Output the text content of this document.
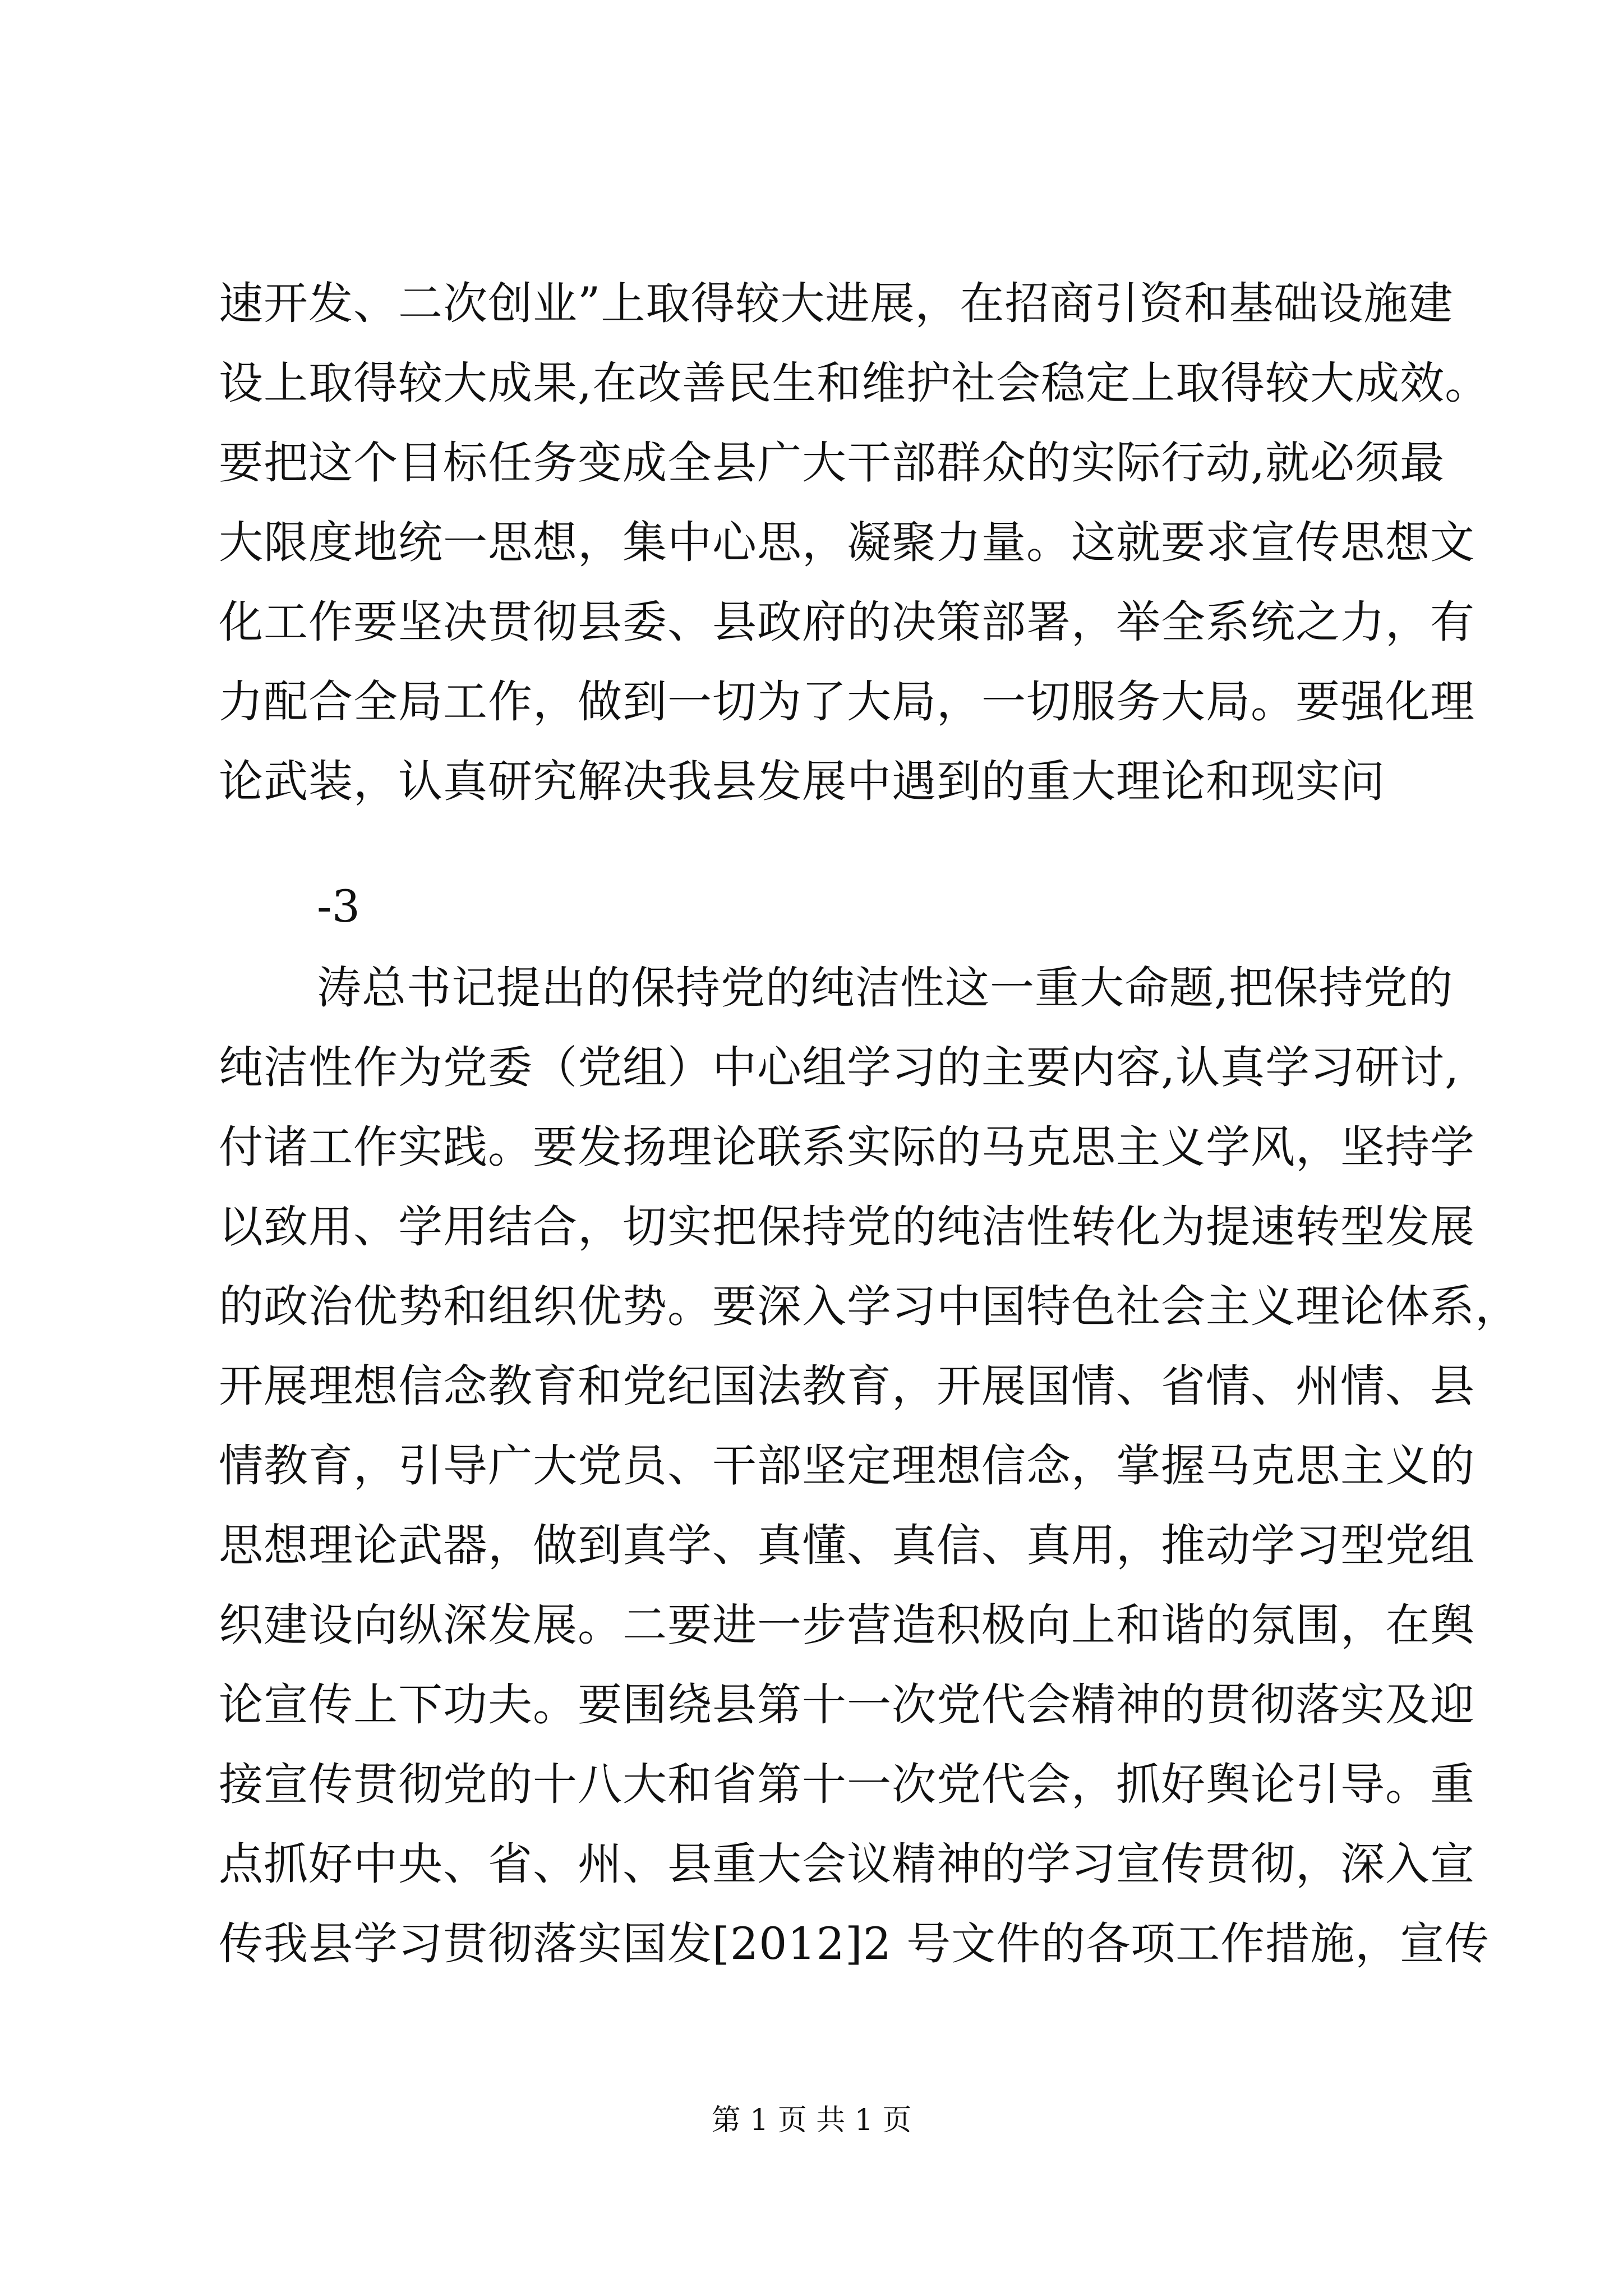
速开发、二次创业”上取得较大进展，在招商引资和基础设施建
设上取得较大成果,在改善民生和维护社会稳定上取得较大成效。
要把这个目标任务变成全县广大干部群众的实际行动,就必须最
大限度地统一思想，集中心思，凝聚力量。这就要求宣传思想文
化工作要坚决贯彻县委、县政府的决策部署，举全系统之力，有
力配合全局工作，做到一切为了大局，一切服务大局。要强化理
论武装，认真研究解决我县发展中遇到的重大理论和现实问
-3
涛总书记提出的保持党的纯洁性这一重大命题,把保持党的
纯洁性作为党委（党组）中心组学习的主要内容,认真学习研讨,
付诸工作实践。要发扬理论联系实际的马克思主义学风，坚持学
以致用、学用结合，切实把保持党的纯洁性转化为提速转型发展
的政治优势和组织优势。要深入学习中国特色社会主义理论体系，
开展理想信念教育和党纪国法教育，开展国情、省情、州情、县
情教育，引导广大党员、干部坚定理想信念，掌握马克思主义的
思想理论武器，做到真学、真懂、真信、真用，推动学习型党组
织建设向纵深发展。二要进一步营造积极向上和谐的氛围，在舆
论宣传上下功夫。要围绕县第十一次党代会精神的贯彻落实及迎
接宣传贯彻党的十八大和省第十一次党代会，抓好舆论引导。重
点抓好中央、省、州、县重大会议精神的学习宣传贯彻，深入宣
传我县学习贯彻落实国发[2012]2 号文件的各项工作措施，宣传
第 1 页 共 1 页
